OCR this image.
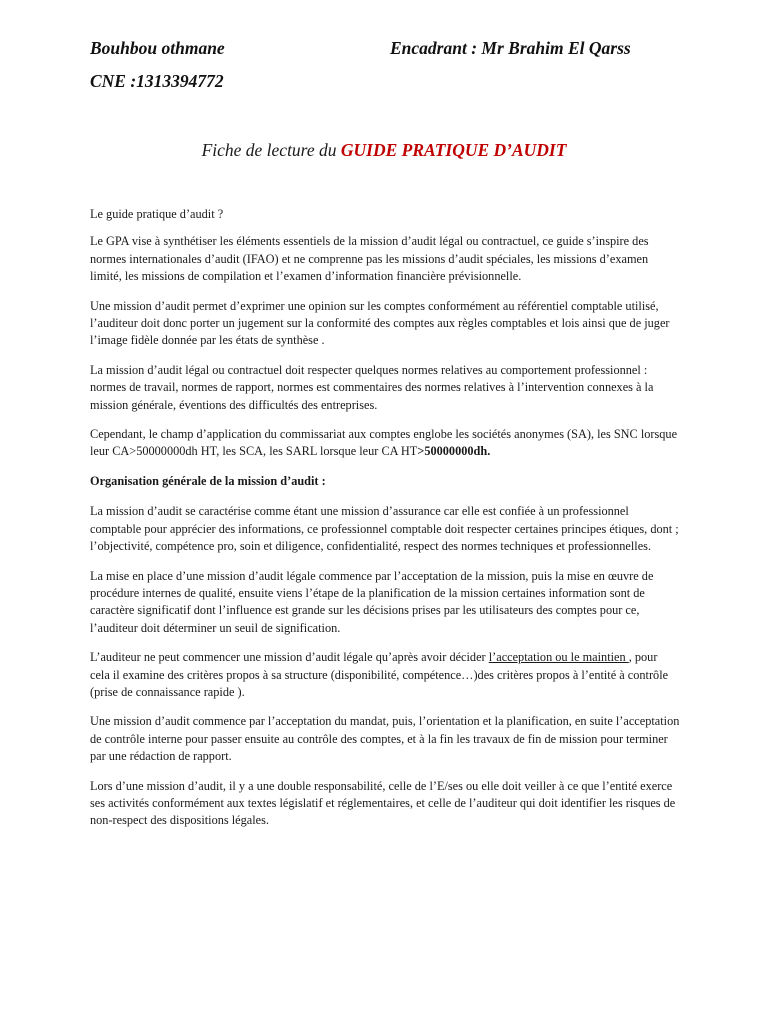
Bouhbou othmane	Encadrant : Mr Brahim El Qarss
CNE :1313394772
Fiche de lecture du GUIDE PRATIQUE D’AUDIT

Le guide pratique d’audit ?

Le GPA vise à synthétiser les éléments essentiels de la mission d’audit légal ou contractuel, ce guide s’inspire des normes internationales d’audit (IFAO) et ne comprenne pas les missions d’audit spéciales, les missions d’examen limité, les missions de compilation et l’examen d’information financière prévisionnelle.

Une mission d’audit permet d’exprimer une opinion sur les comptes conformément au référentiel comptable utilisé, l’auditeur doit donc porter un jugement sur la conformité des comptes aux règles comptables et lois ainsi que de juger l’image fidèle donnée par les états de synthèse .

La mission d’audit légal ou contractuel doit respecter quelques normes relatives au comportement professionnel : normes de travail, normes de rapport, normes est commentaires des normes relatives à l’intervention connexes à la mission générale, éventions des difficultés des entreprises.

Cependant, le champ d’application du commissariat aux comptes englobe les sociétés anonymes (SA), les SNC lorsque leur CA>50000000dh HT, les SCA, les SARL lorsque leur CA HT>50000000dh.

Organisation générale de la mission d’audit :

La mission d’audit se caractérise comme étant une mission d’assurance car elle est confiée à un professionnel comptable pour apprécier des informations, ce professionnel comptable doit respecter certaines principes étiques, dont ; l’objectivité, compétence pro, soin et diligence, confidentialité, respect des normes techniques et professionnelles.

La mise en place d’une mission d’audit légale commence par l’acceptation de la mission, puis la mise en œuvre de procédure internes de qualité, ensuite viens l’étape de la planification de la mission certaines information sont de caractère significatif dont l’influence est grande sur les décisions prises par les utilisateurs des comptes pour ce, l’auditeur doit déterminer un seuil de signification.

L’auditeur ne peut commencer une mission d’audit légale qu’après avoir décider l’acceptation ou le maintien , pour cela il examine des critères propos à sa structure (disponibilité, compétence…)des critères propos à l’entité à contrôle (prise de connaissance rapide ).

Une mission d’audit commence par l’acceptation du mandat, puis, l’orientation et la planification, en suite l’acceptation de contrôle interne pour passer ensuite au contrôle des comptes, et à la fin les travaux de fin de mission pour terminer par une rédaction de rapport.

Lors d’une mission d’audit, il y a une double responsabilité, celle de l’E/ses ou elle doit veiller à ce que l’entité exerce ses activités conformément aux textes législatif et réglementaires, et celle de l’auditeur qui doit identifier les risques de non-respect des dispositions légales.
